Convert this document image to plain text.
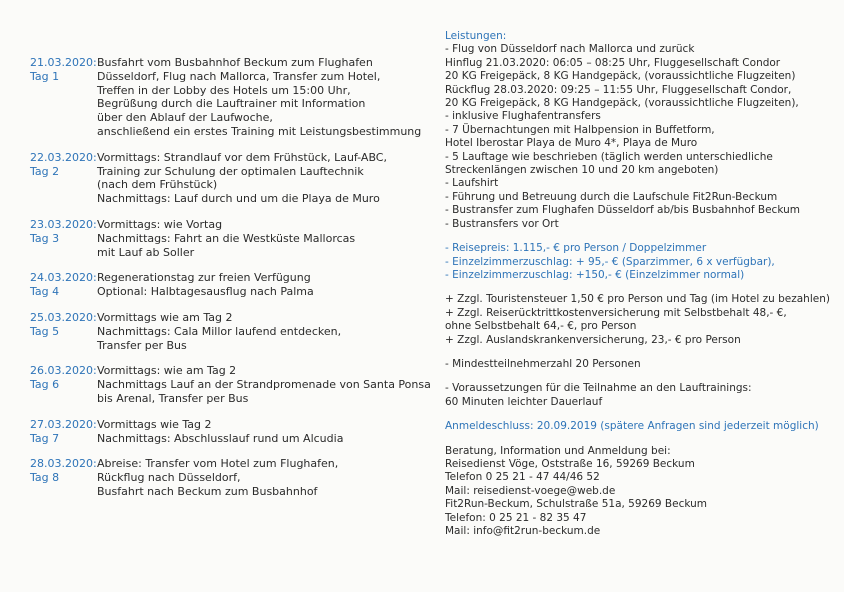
21.03.2020:
Tag 1
Busfahrt vom Busbahnhof Beckum zum Flughafen
Düsseldorf, Flug nach Mallorca, Transfer zum Hotel,
Treffen in der Lobby des Hotels um 15:00 Uhr,
Begrüßung durch die Lauftrainer mit Information
über den Ablauf der Laufwoche,
anschließend ein erstes Training mit Leistungsbestimmung
22.03.2020:
Tag 2
Vormittags: Strandlauf vor dem Frühstück, Lauf-ABC,
Training zur Schulung der optimalen Lauftechnik
(nach dem Frühstück)
Nachmittags: Lauf durch und um die Playa de Muro
23.03.2020:
Tag 3
Vormittags: wie Vortag
Nachmittags: Fahrt an die Westküste Mallorcas
mit Lauf ab Soller
24.03.2020:
Tag 4
Regenerationstag zur freien Verfügung
Optional: Halbtagesausflug nach Palma
25.03.2020:
Tag 5
Vormittags wie am Tag 2
Nachmittags: Cala Millor laufend entdecken,
Transfer per Bus
26.03.2020:
Tag 6
Vormittags: wie am Tag 2
Nachmittags Lauf an der Strandpromenade von Santa Ponsa
bis Arenal, Transfer per Bus
27.03.2020:
Tag 7
Vormittags wie Tag 2
Nachmittags: Abschlusslauf rund um Alcudia
28.03.2020:
Tag 8
Abreise: Transfer vom Hotel zum Flughafen,
Rückflug nach Düsseldorf,
Busfahrt nach Beckum zum Busbahnhof
Leistungen:
- Flug von Düsseldorf nach Mallorca und zurück
Hinflug 21.03.2020: 06:05 – 08:25 Uhr, Fluggesellschaft Condor
20 KG Freigepäck, 8 KG Handgepäck, (voraussichtliche Flugzeiten)
Rückflug 28.03.2020: 09:25 – 11:55 Uhr, Fluggesellschaft Condor,
20 KG Freigepäck, 8 KG Handgepäck, (voraussichtliche Flugzeiten),
- inklusive Flughafentransfers
- 7 Übernachtungen mit Halbpension in Buffetform,
Hotel Iberostar Playa de Muro 4*, Playa de Muro
- 5 Lauftage wie beschrieben (täglich werden unterschiedliche
Streckenlängen zwischen 10 und 20 km angeboten)
- Laufshirt
- Führung und Betreuung durch die Laufschule Fit2Run-Beckum
- Bustransfer zum Flughafen Düsseldorf ab/bis Busbahnhof Beckum
- Bustransfers vor Ort
- Reisepreis: 1.115,- € pro Person / Doppelzimmer
- Einzelzimmerzuschlag: + 95,- € (Sparzimmer, 6 x verfügbar),
- Einzelzimmerzuschlag: +150,- € (Einzelzimmer normal)
+ Zzgl. Touristensteuer 1,50 € pro Person und Tag (im Hotel zu bezahlen)
+ Zzgl. Reiserücktrittkostenversicherung mit Selbstbehalt 48,- €,
ohne Selbstbehalt 64,- €, pro Person
+ Zzgl. Auslandskrankenversicherung, 23,- € pro Person
- Mindestteilnehmerzahl 20 Personen
- Voraussetzungen für die Teilnahme an den Lauftrainings:
60 Minuten leichter Dauerlauf
Anmeldeschluss: 20.09.2019 (spätere Anfragen sind jederzeit möglich)
Beratung, Information und Anmeldung bei:
Reisedienst Vöge, Oststraße 16, 59269 Beckum
Telefon 0 25 21 - 47 44/46 52
Mail: reisedienst-voege@web.de
Fit2Run-Beckum, Schulstraße 51a, 59269 Beckum
Telefon: 0 25 21 - 82 35 47
Mail: info@fit2run-beckum.de
